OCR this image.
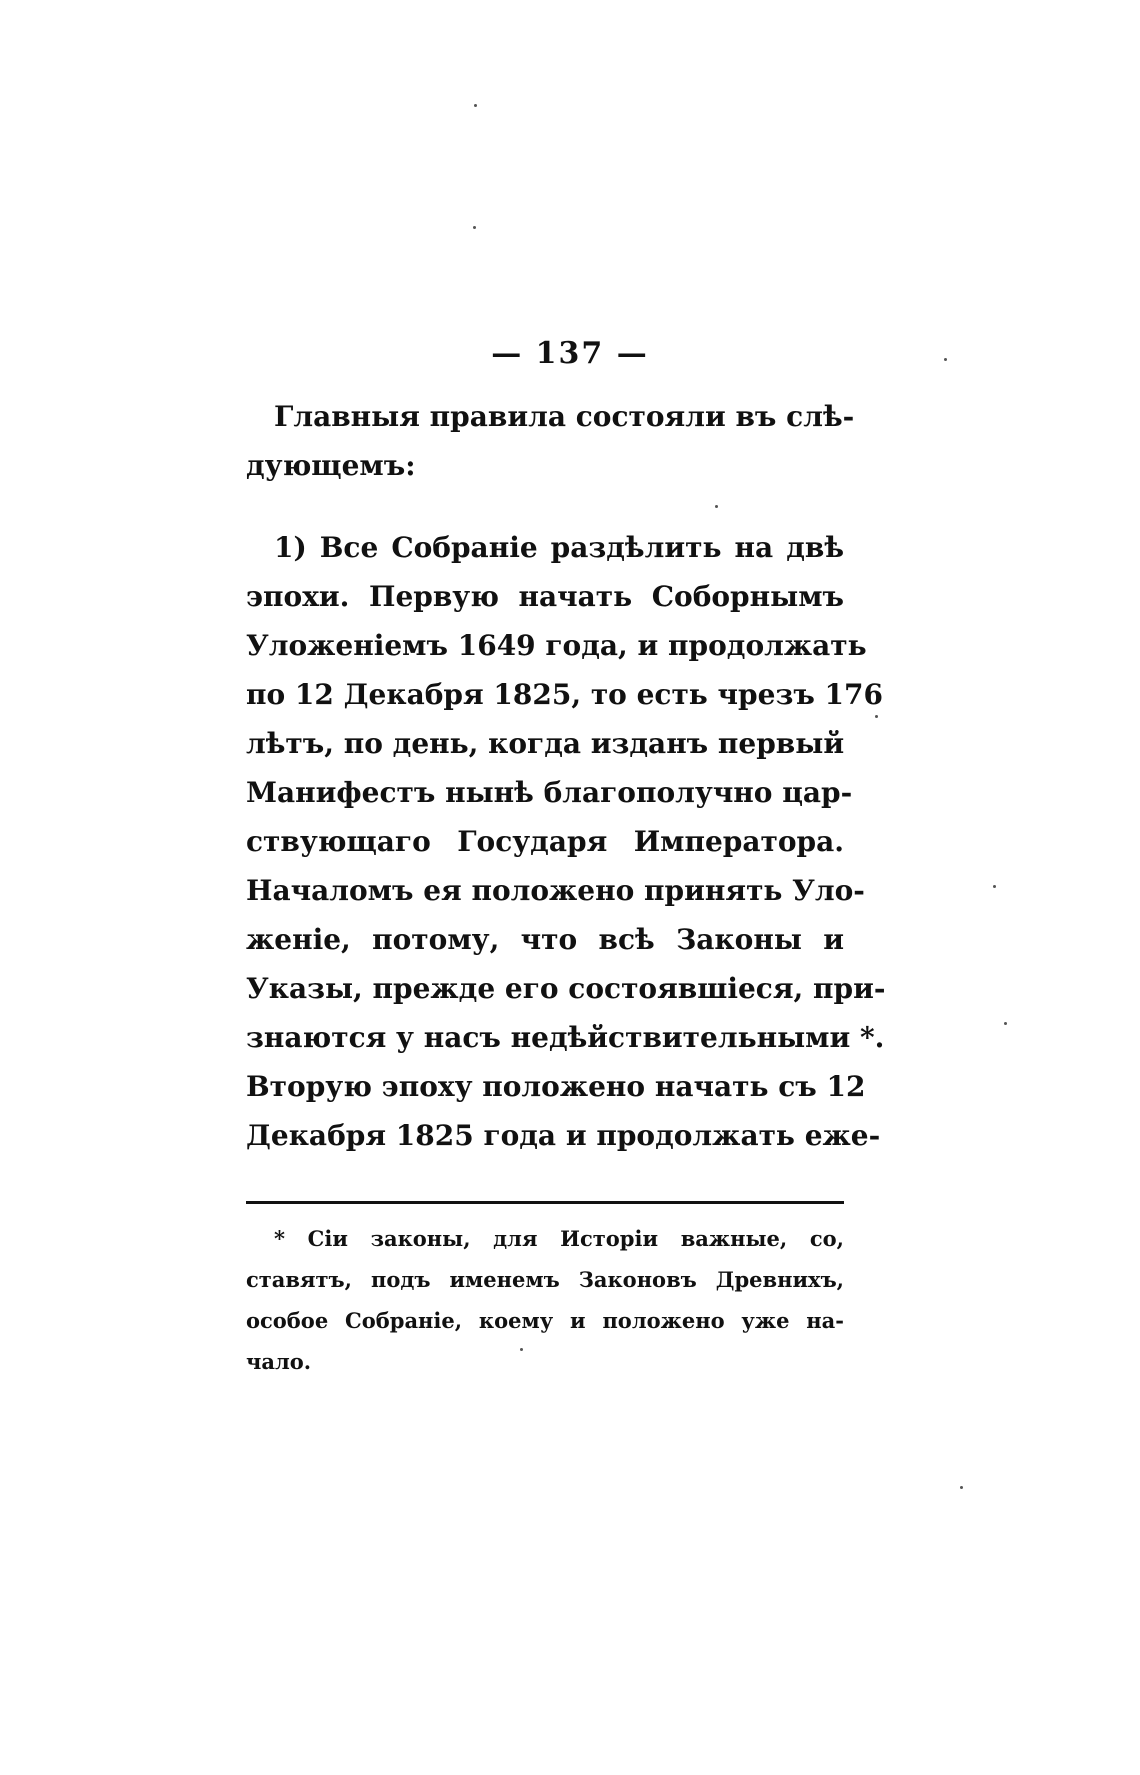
— 137 —
Главныя правила состояли въ слѣ-
дующемъ:
1) Все Собраніе раздѣлить на двѣ
эпохи. Первую начать Соборнымъ
Уложеніемъ 1649 года, и продолжать
по 12 Декабря 1825, то есть чрезъ 176
лѣтъ, по день, когда изданъ первый
Манифестъ нынѣ благополучно цар-
ствующаго Государя Императора.
Началомъ ея положено принять Уло-
женіе, потому, что всѣ Законы и
Указы, прежде его состоявшіеся, при-
знаются у насъ недѣйствительными *.
Вторую эпоху положено начать съ 12
Декабря 1825 года и продолжать еже-
* Сіи законы, для Исторіи важные, со,
ставятъ, подъ именемъ Законовъ Древнихъ,
особое Собраніе, коему и положено уже на-
чало.
